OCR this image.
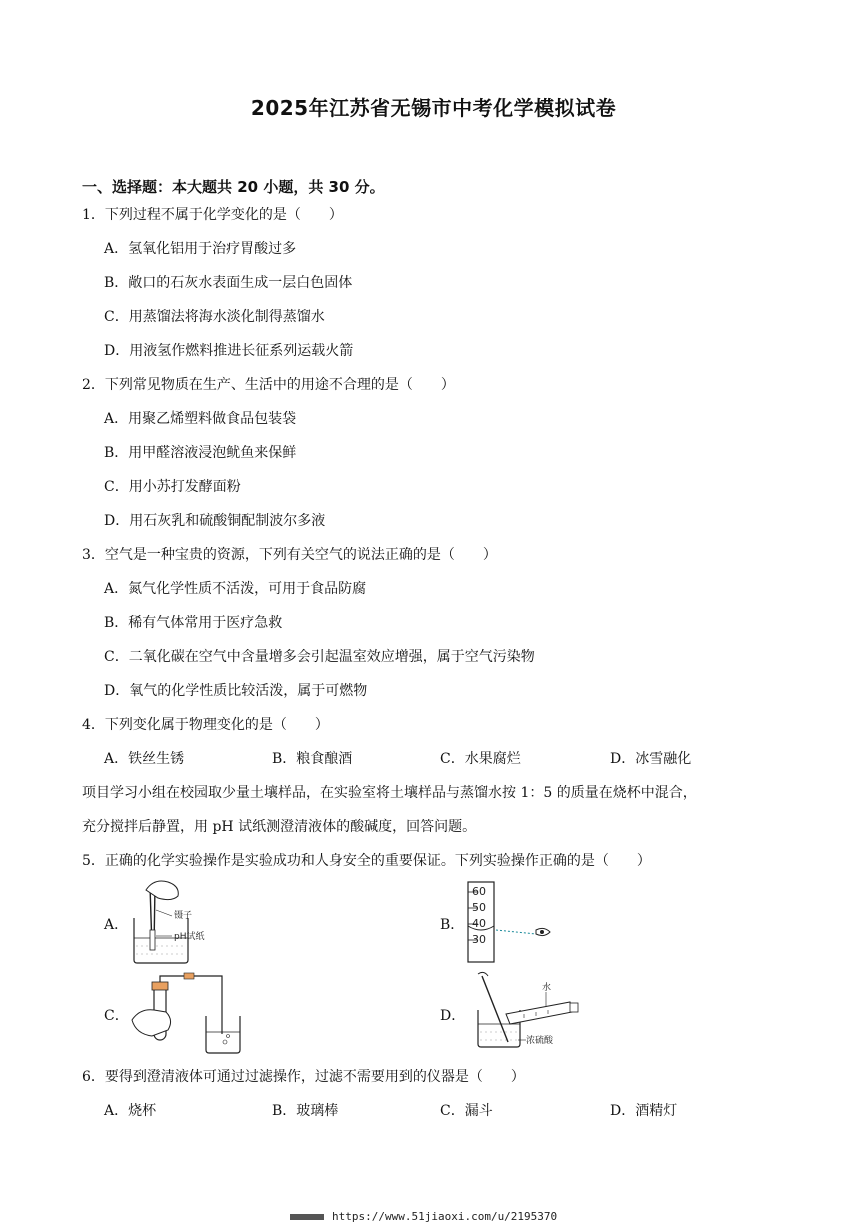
2025年江苏省无锡市中考化学模拟试卷
一、选择题：本大题共 20 小题，共 30 分。
1．下列过程不属于化学变化的是（　　）
A．氢氧化铝用于治疗胃酸过多
B．敞口的石灰水表面生成一层白色固体
C．用蒸馏法将海水淡化制得蒸馏水
D．用液氢作燃料推进长征系列运载火箭
2．下列常见物质在生产、生活中的用途不合理的是（　　）
A．用聚乙烯塑料做食品包装袋
B．用甲醛溶液浸泡鱿鱼来保鲜
C．用小苏打发酵面粉
D．用石灰乳和硫酸铜配制波尔多液
3．空气是一种宝贵的资源，下列有关空气的说法正确的是（　　）
A．氮气化学性质不活泼，可用于食品防腐
B．稀有气体常用于医疗急救
C．二氧化碳在空气中含量增多会引起温室效应增强，属于空气污染物
D．氧气的化学性质比较活泼，属于可燃物
4．下列变化属于物理变化的是（　　）
A．铁丝生锈	B．粮食酿酒	C．水果腐烂	D．冰雪融化
项目学习小组在校园取少量土壤样品，在实验室将土壤样品与蒸馏水按 1：5 的质量在烧杯中混合，
充分搅拌后静置，用 pH 试纸测澄清液体的酸碱度，回答问题。
5．正确的化学实验操作是实验成功和人身安全的重要保证。下列实验操作正确的是（　　）
A．
镊子
pH试纸
B．
60
50
40
30
C．	D．
水
浓硫酸
6．要得到澄清液体可通过过滤操作，过滤不需要用到的仪器是（　　）
A．烧杯	B．玻璃棒	C．漏斗	D．酒精灯
https://www.51jiaoxi.com/u/2195370
